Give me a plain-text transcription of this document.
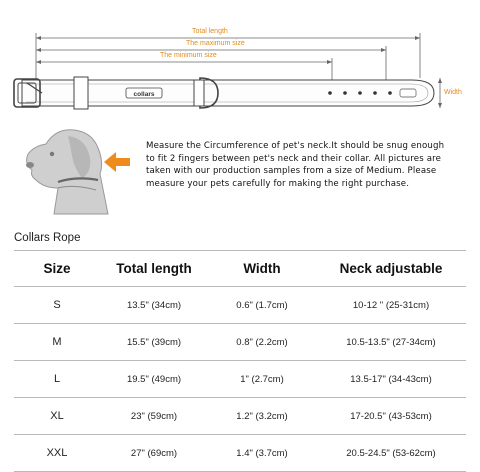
collars
Total length
The maximum size
The minimum size
Width
Measure the Circumference of pet's neck.It should be snug enough to fit 2 fingers between pet's neck and their collar. All pictures are taken with our production samples from a size of Medium. Please measure your pets carefully for making the right purchase.
Collars Rope
Size	Total length	Width	Neck adjustable
S	13.5" (34cm)	0.6" (1.7cm)	10-12 " (25-31cm)
M	15.5" (39cm)	0.8" (2.2cm)	10.5-13.5" (27-34cm)
L	19.5" (49cm)	1" (2.7cm)	13.5-17" (34-43cm)
XL	23" (59cm)	1.2" (3.2cm)	17-20.5" (43-53cm)
XXL	27" (69cm)	1.4" (3.7cm)	20.5-24.5" (53-62cm)
